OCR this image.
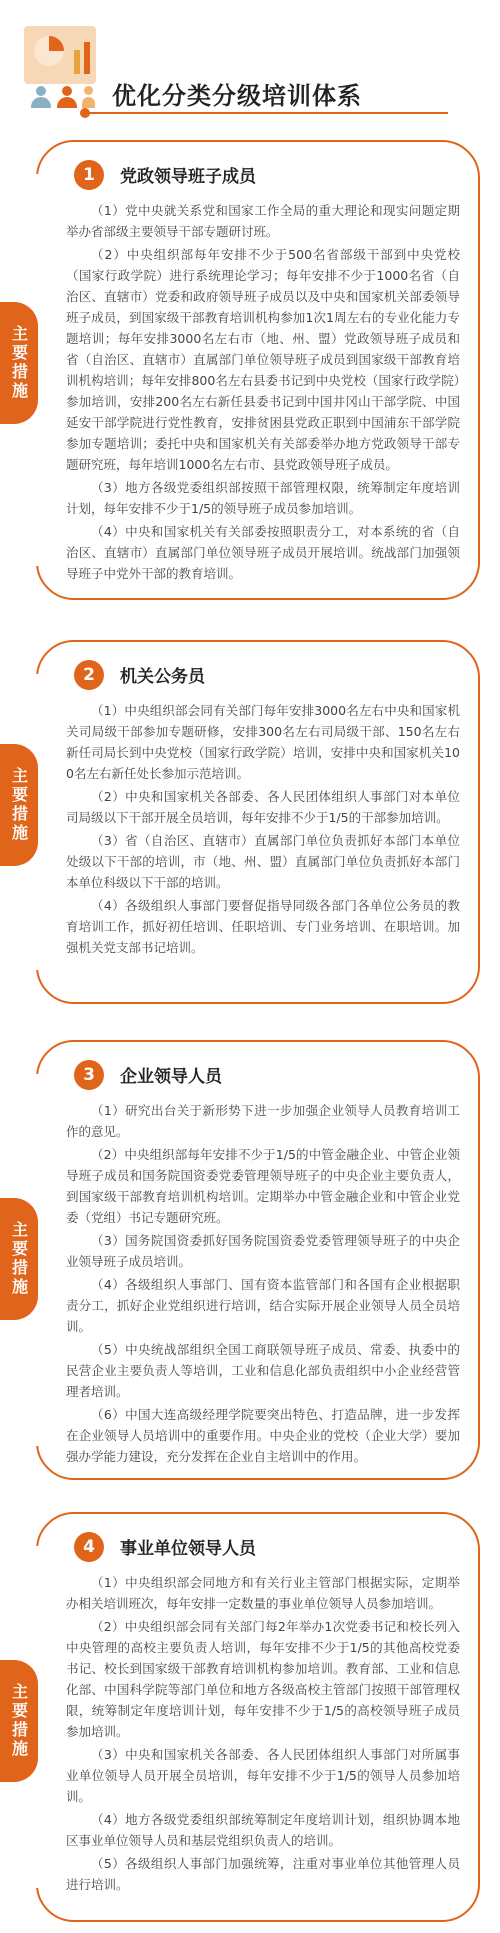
优化分类分级培训体系
1	党政领导班子成员

（1）党中央就关系党和国家工作全局的重大理论和现实问题定期举办省部级主要领导干部专题研讨班。

（2）中央组织部每年安排不少于500名省部级干部到中央党校（国家行政学院）进行系统理论学习；每年安排不少于1000名省（自治区、直辖市）党委和政府领导班子成员以及中央和国家机关部委领导班子成员，到国家级干部教育培训机构参加1次1周左右的专业化能力专题培训；每年安排3000名左右市（地、州、盟）党政领导班子成员和省（自治区、直辖市）直属部门单位领导班子成员到国家级干部教育培训机构培训；每年安排800名左右县委书记到中央党校（国家行政学院）参加培训，安排200名左右新任县委书记到中国井冈山干部学院、中国延安干部学院进行党性教育，安排贫困县党政正职到中国浦东干部学院参加专题培训；委托中央和国家机关有关部委举办地方党政领导干部专题研究班，每年培训1000名左右市、县党政领导班子成员。

（3）地方各级党委组织部按照干部管理权限，统筹制定年度培训计划，每年安排不少于1/5的领导班子成员参加培训。

（4）中央和国家机关有关部委按照职责分工，对本系统的省（自治区、直辖市）直属部门单位领导班子成员开展培训。统战部门加强领导班子中党外干部的教育培训。

主要措施
2	机关公务员

（1）中央组织部会同有关部门每年安排3000名左右中央和国家机关司局级干部参加专题研修，安排300名左右司局级干部、150名左右新任司局长到中央党校（国家行政学院）培训，安排中央和国家机关100名左右新任处长参加示范培训。

（2）中央和国家机关各部委、各人民团体组织人事部门对本单位司局级以下干部开展全员培训，每年安排不少于1/5的干部参加培训。

（3）省（自治区、直辖市）直属部门单位负责抓好本部门本单位处级以下干部的培训，市（地、州、盟）直属部门单位负责抓好本部门本单位科级以下干部的培训。

（4）各级组织人事部门要督促指导同级各部门各单位公务员的教育培训工作，抓好初任培训、任职培训、专门业务培训、在职培训。加强机关党支部书记培训。

主要措施
3	企业领导人员

（1）研究出台关于新形势下进一步加强企业领导人员教育培训工作的意见。

（2）中央组织部每年安排不少于1/5的中管金融企业、中管企业领导班子成员和国务院国资委党委管理领导班子的中央企业主要负责人，到国家级干部教育培训机构培训。定期举办中管金融企业和中管企业党委（党组）书记专题研究班。

（3）国务院国资委抓好国务院国资委党委管理领导班子的中央企业领导班子成员培训。

（4）各级组织人事部门、国有资本监管部门和各国有企业根据职责分工，抓好企业党组织进行培训，结合实际开展企业领导人员全员培训。

（5）中央统战部组织全国工商联领导班子成员、常委、执委中的民营企业主要负责人等培训，工业和信息化部负责组织中小企业经营管理者培训。

（6）中国大连高级经理学院要突出特色、打造品牌，进一步发挥在企业领导人员培训中的重要作用。中央企业的党校（企业大学）要加强办学能力建设，充分发挥在企业自主培训中的作用。

主要措施
4	事业单位领导人员

（1）中央组织部会同地方和有关行业主管部门根据实际，定期举办相关培训班次，每年安排一定数量的事业单位领导人员参加培训。

（2）中央组织部会同有关部门每2年举办1次党委书记和校长列入中央管理的高校主要负责人培训，每年安排不少于1/5的其他高校党委书记、校长到国家级干部教育培训机构参加培训。教育部、工业和信息化部、中国科学院等部门单位和地方各级高校主管部门按照干部管理权限，统筹制定年度培训计划，每年安排不少于1/5的高校领导班子成员参加培训。

（3）中央和国家机关各部委、各人民团体组织人事部门对所属事业单位领导人员开展全员培训，每年安排不少于1/5的领导人员参加培训。

（4）地方各级党委组织部统筹制定年度培训计划，组织协调本地区事业单位领导人员和基层党组织负责人的培训。

（5）各级组织人事部门加强统筹，注重对事业单位其他管理人员进行培训。

主要措施
